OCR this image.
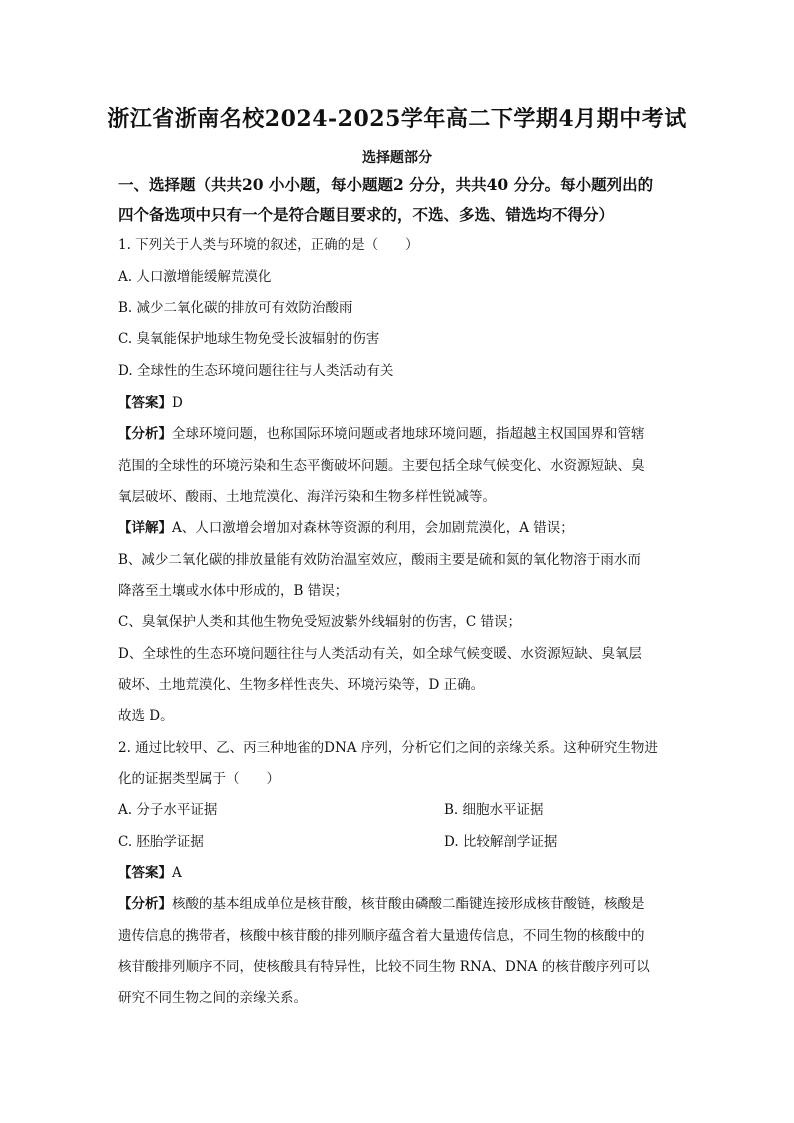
浙江省浙南名校2024-2025学年高二下学期4月期中考试
选择题部分
一、选择题（共共20 小小题，每小题题2 分分，共共40 分分。每小题列出的
四个备选项中只有一个是符合题目要求的，不选、多选、错选均不得分）
1. 下列关于人类与环境的叙述，正确的是（　　）
A. 人口激增能缓解荒漠化
B. 减少二氧化碳的排放可有效防治酸雨
C. 臭氧能保护地球生物免受长波辐射的伤害
D. 全球性的生态环境问题往往与人类活动有关
【答案】D
【分析】全球环境问题，也称国际环境问题或者地球环境问题，指超越主权国国界和管辖
范围的全球性的环境污染和生态平衡破坏问题。主要包括全球气候变化、水资源短缺、臭
氧层破坏、酸雨、土地荒漠化、海洋污染和生物多样性锐减等。
【详解】A、人口激增会增加对森林等资源的利用，会加剧荒漠化，A 错误；
B、减少二氧化碳的排放量能有效防治温室效应，酸雨主要是硫和氮的氧化物溶于雨水而
降落至土壤或水体中形成的，B 错误；
C、臭氧保护人类和其他生物免受短波紫外线辐射的伤害，C 错误；
D、全球性的生态环境问题往往与人类活动有关，如全球气候变暖、水资源短缺、臭氧层
破坏、土地荒漠化、生物多样性丧失、环境污染等，D 正确。
故选 D。
2. 通过比较甲、乙、丙三种地雀的DNA 序列，分析它们之间的亲缘关系。这种研究生物进
化的证据类型属于（　　）
A. 分子水平证据	B. 细胞水平证据
C. 胚胎学证据	D. 比较解剖学证据
【答案】A
【分析】核酸的基本组成单位是核苷酸，核苷酸由磷酸二酯键连接形成核苷酸链，核酸是
遗传信息的携带者，核酸中核苷酸的排列顺序蕴含着大量遗传信息，不同生物的核酸中的
核苷酸排列顺序不同，使核酸具有特异性，比较不同生物 RNA、DNA 的核苷酸序列可以
研究不同生物之间的亲缘关系。
